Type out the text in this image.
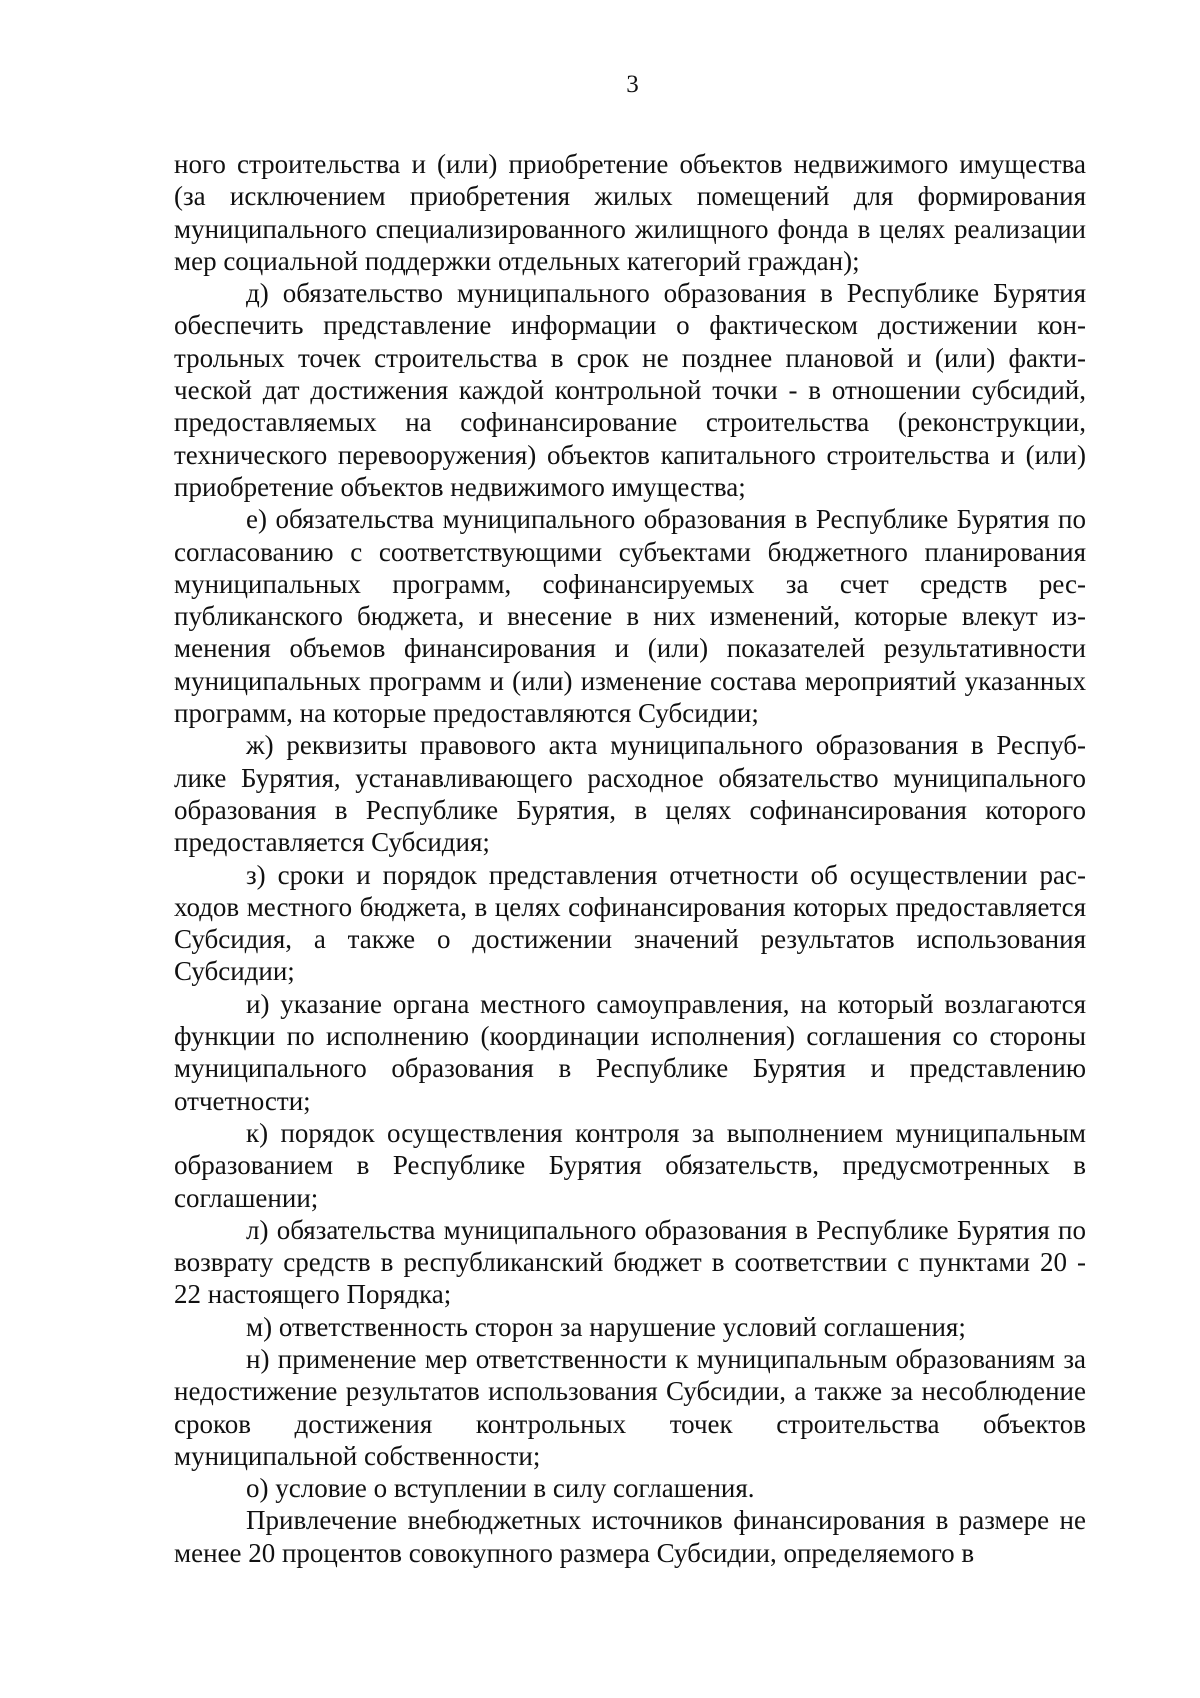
3

ного строительства и (или) приобретение объектов недвижимого имущества (за исключением приобретения жилых помещений для формирования муниципального специализированного жилищного фонда в целях реализации мер социальной поддержки отдельных категорий граждан);

д) обязательство муниципального образования в Республике Бурятия обеспечить представление информации о фактическом достижении контрольных точек строительства в срок не позднее плановой и (или) фактической дат достижения каждой контрольной точки - в отношении субсидий, предоставляемых на софинансирование строительства (реконструкции, технического перевооружения) объектов капитального строительства и (или) приобретение объектов недвижимого имущества;

е) обязательства муниципального образования в Республике Бурятия по согласованию с соответствующими субъектами бюджетного планирования муниципальных программ, софинансируемых за счет средств республиканского бюджета, и внесение в них изменений, которые влекут изменения объемов финансирования и (или) показателей результативности муниципальных программ и (или) изменение состава мероприятий указанных программ, на которые предоставляются Субсидии;

ж) реквизиты правового акта муниципального образования в Республике Бурятия, устанавливающего расходное обязательство муниципального образования в Республике Бурятия, в целях софинансирования которого предоставляется Субсидия;

з) сроки и порядок представления отчетности об осуществлении расходов местного бюджета, в целях софинансирования которых предоставляется Субсидия, а также о достижении значений результатов использования Субсидии;

и) указание органа местного самоуправления, на который возлагаются функции по исполнению (координации исполнения) соглашения со стороны муниципального образования в Республике Бурятия и представлению отчетности;

к) порядок осуществления контроля за выполнением муниципальным образованием в Республике Бурятия обязательств, предусмотренных в соглашении;

л) обязательства муниципального образования в Республике Бурятия по возврату средств в республиканский бюджет в соответствии с пунктами 20 - 22 настоящего Порядка;

м) ответственность сторон за нарушение условий соглашения;

н) применение мер ответственности к муниципальным образованиям за недостижение результатов использования Субсидии, а также за несоблюдение сроков достижения контрольных точек строительства объектов муниципальной собственности;

о) условие о вступлении в силу соглашения.

Привлечение внебюджетных источников финансирования в размере не менее 20 процентов совокупного размера Субсидии, определяемого в
